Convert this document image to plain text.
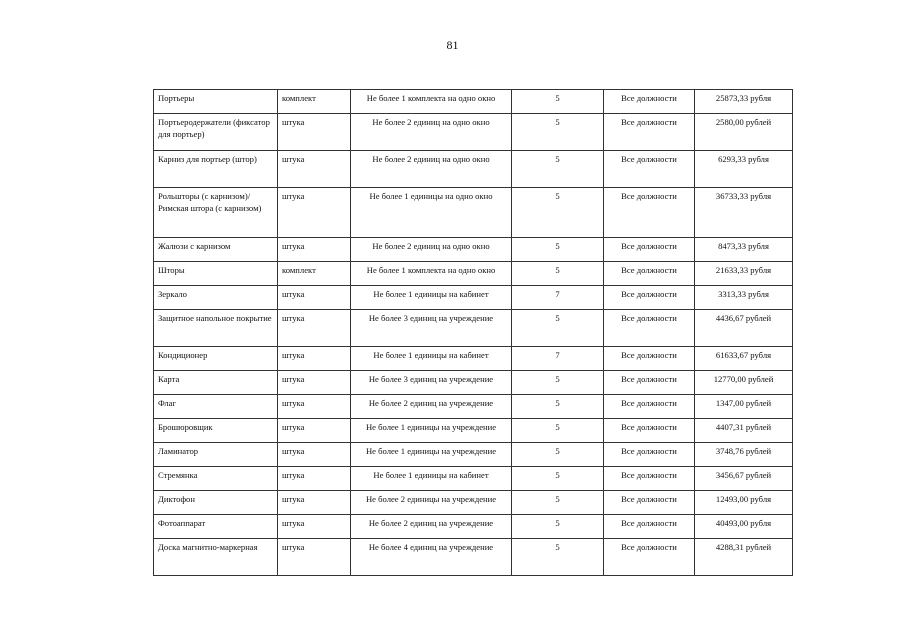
81
Портьеры	комплект	Не более 1 комплекта на одно окно	5	Все должности	25873,33 рубля
Портьеродержатели (фиксатор для портьер)	штука	Не более 2 единиц на одно окно	5	Все должности	2580,00 рублей
Карниз для портьер (штор)	штука	Не более 2 единиц на одно окно	5	Все должности	6293,33 рубля
Рольшторы (с карнизом)/Римская штора (с карнизом)	штука	Не более 1 единицы на одно окно	5	Все должности	36733,33 рубля
Жалюзи с карнизом	штука	Не более 2 единиц на одно окно	5	Все должности	8473,33 рубля
Шторы	комплект	Не более 1 комплекта на одно окно	5	Все должности	21633,33 рубля
Зеркало	штука	Не более 1 единицы на кабинет	7	Все должности	3313,33 рубля
Защитное напольное покрытие	штука	Не более 3 единиц на учреждение	5	Все должности	4436,67 рублей
Кондиционер	штука	Не более 1 единицы на кабинет	7	Все должности	61633,67 рубля
Карта	штука	Не более 3 единиц на учреждение	5	Все должности	12770,00 рублей
Флаг	штука	Не более 2 единиц на учреждение	5	Все должности	1347,00 рублей
Брошюровщик	штука	Не более 1 единицы на учреждение	5	Все должности	4407,31 рублей
Ламинатор	штука	Не более 1 единицы на учреждение	5	Все должности	3748,76 рублей
Стремянка	штука	Не более 1 единицы на кабинет	5	Все должности	3456,67 рублей
Диктофон	штука	Не более 2 единицы на учреждение	5	Все должности	12493,00 рубля
Фотоаппарат	штука	Не более 2 единиц на учреждение	5	Все должности	40493,00 рубля
Доска магнитно-маркерная	штука	Не более 4 единиц на учреждение	5	Все должности	4288,31 рублей
